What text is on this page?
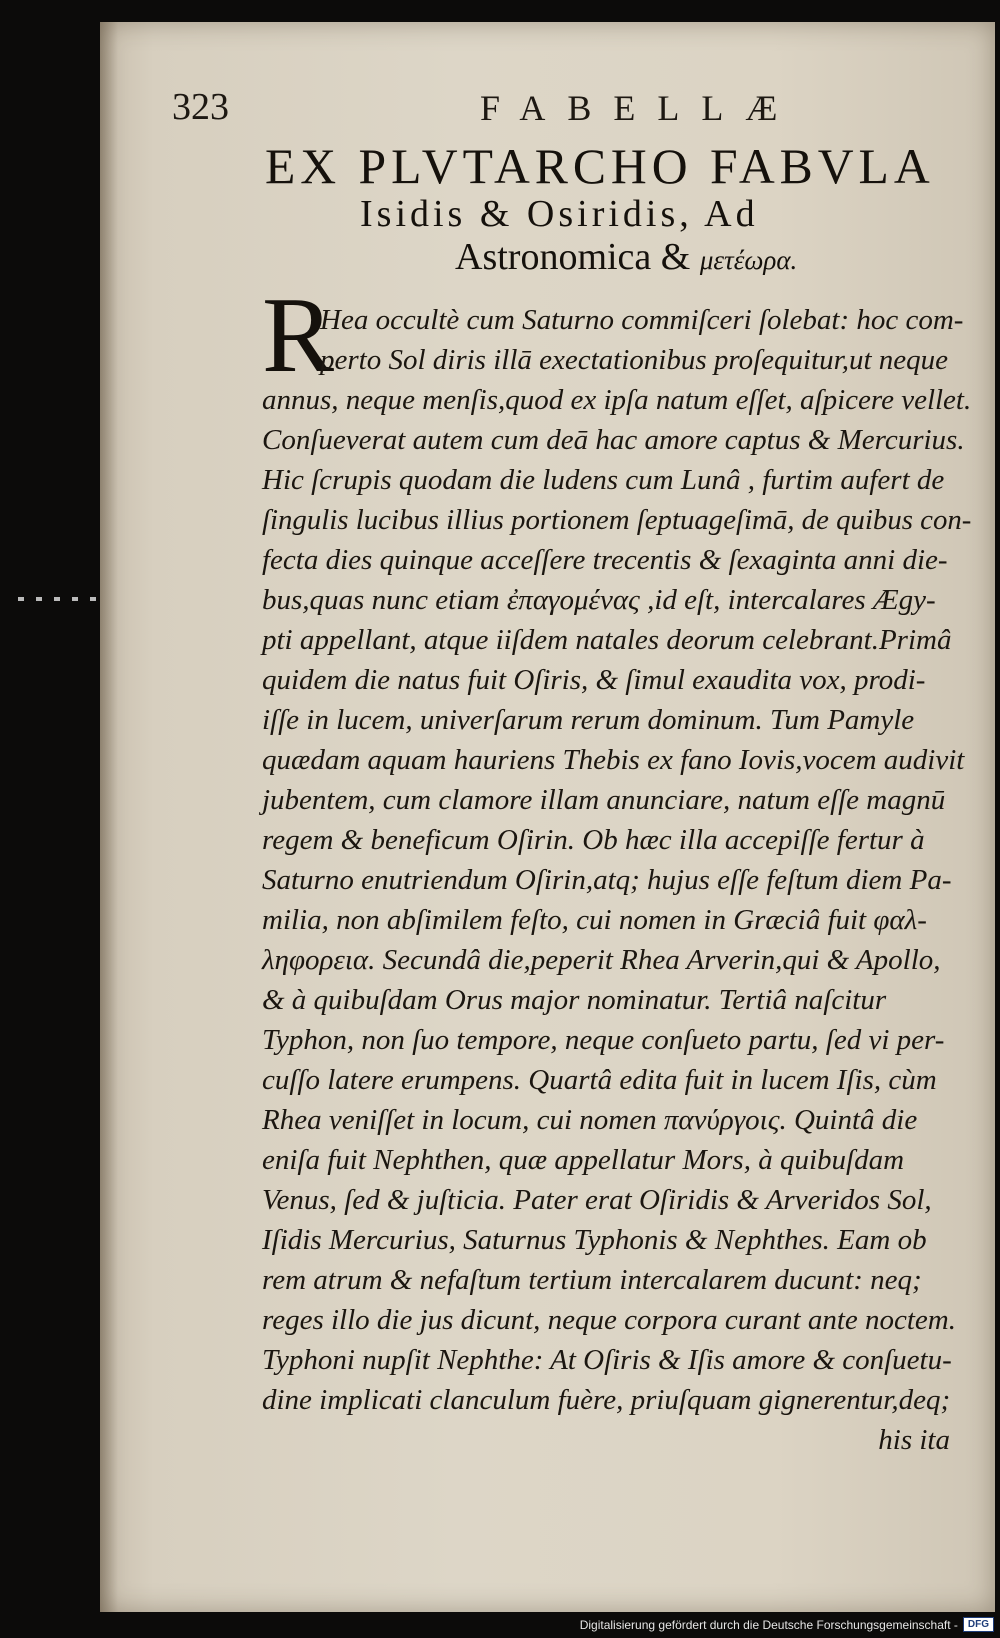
323	FABELLÆ
EX PLVTARCHO FABVLA
Isidis & Osiridis, Ad
Astronomica & μετέωρα.
R
Hea occultè cum Saturno commiſceri ſolebat: hoc com-
perto Sol diris illā exectationibus proſequitur,ut neque
annus, neque menſis,quod ex ipſa natum eſſet, aſpicere vellet.
Conſueverat autem cum deā hac amore captus & Mercurius.
Hic ſcrupis quodam die ludens cum Lunâ , furtim aufert de
ſingulis lucibus illius portionem ſeptuageſimā, de quibus con-
fecta dies quinque acceſſere trecentis & ſexaginta anni die-
bus,quas nunc etiam ἐπαγομένας ,id eſt, intercalares Ægy-
pti appellant, atque iiſdem natales deorum celebrant.Primâ
quidem die natus fuit Oſiris, & ſimul exaudita vox, prodi-
iſſe in lucem, univerſarum rerum dominum. Tum Pamyle
quædam aquam hauriens Thebis ex fano Iovis,vocem audivit
jubentem, cum clamore illam anunciare, natum eſſe magnū
regem & beneficum Oſirin. Ob hæc illa accepiſſe fertur à
Saturno enutriendum Oſirin,atq; hujus eſſe feſtum diem Pa-
milia, non abſimilem feſto, cui nomen in Græciâ fuit φαλ-
ληφορεια. Secundâ die,peperit Rhea Arverin,qui & Apollo,
& à quibuſdam Orus major nominatur. Tertiâ naſcitur
Typhon, non ſuo tempore, neque conſueto partu, ſed vi per-
cuſſo latere erumpens. Quartâ edita fuit in lucem Iſis, cùm
Rhea veniſſet in locum, cui nomen πανύργοις. Quintâ die
eniſa fuit Nephthen, quæ appellatur Mors, à quibuſdam
Venus, ſed & juſticia. Pater erat Oſiridis & Arveridos Sol,
Iſidis Mercurius, Saturnus Typhonis & Nephthes. Eam ob
rem atrum & nefaſtum tertium intercalarem ducunt: neq;
reges illo die jus dicunt, neque corpora curant ante noctem.
Typhoni nupſit Nephthe: At Oſiris & Iſis amore & conſuetu-
dine implicati clanculum fuère, priuſquam gignerentur,deq;
his ita
Digitalisierung gefördert durch die Deutsche Forschungsgemeinschaft -	DFG
